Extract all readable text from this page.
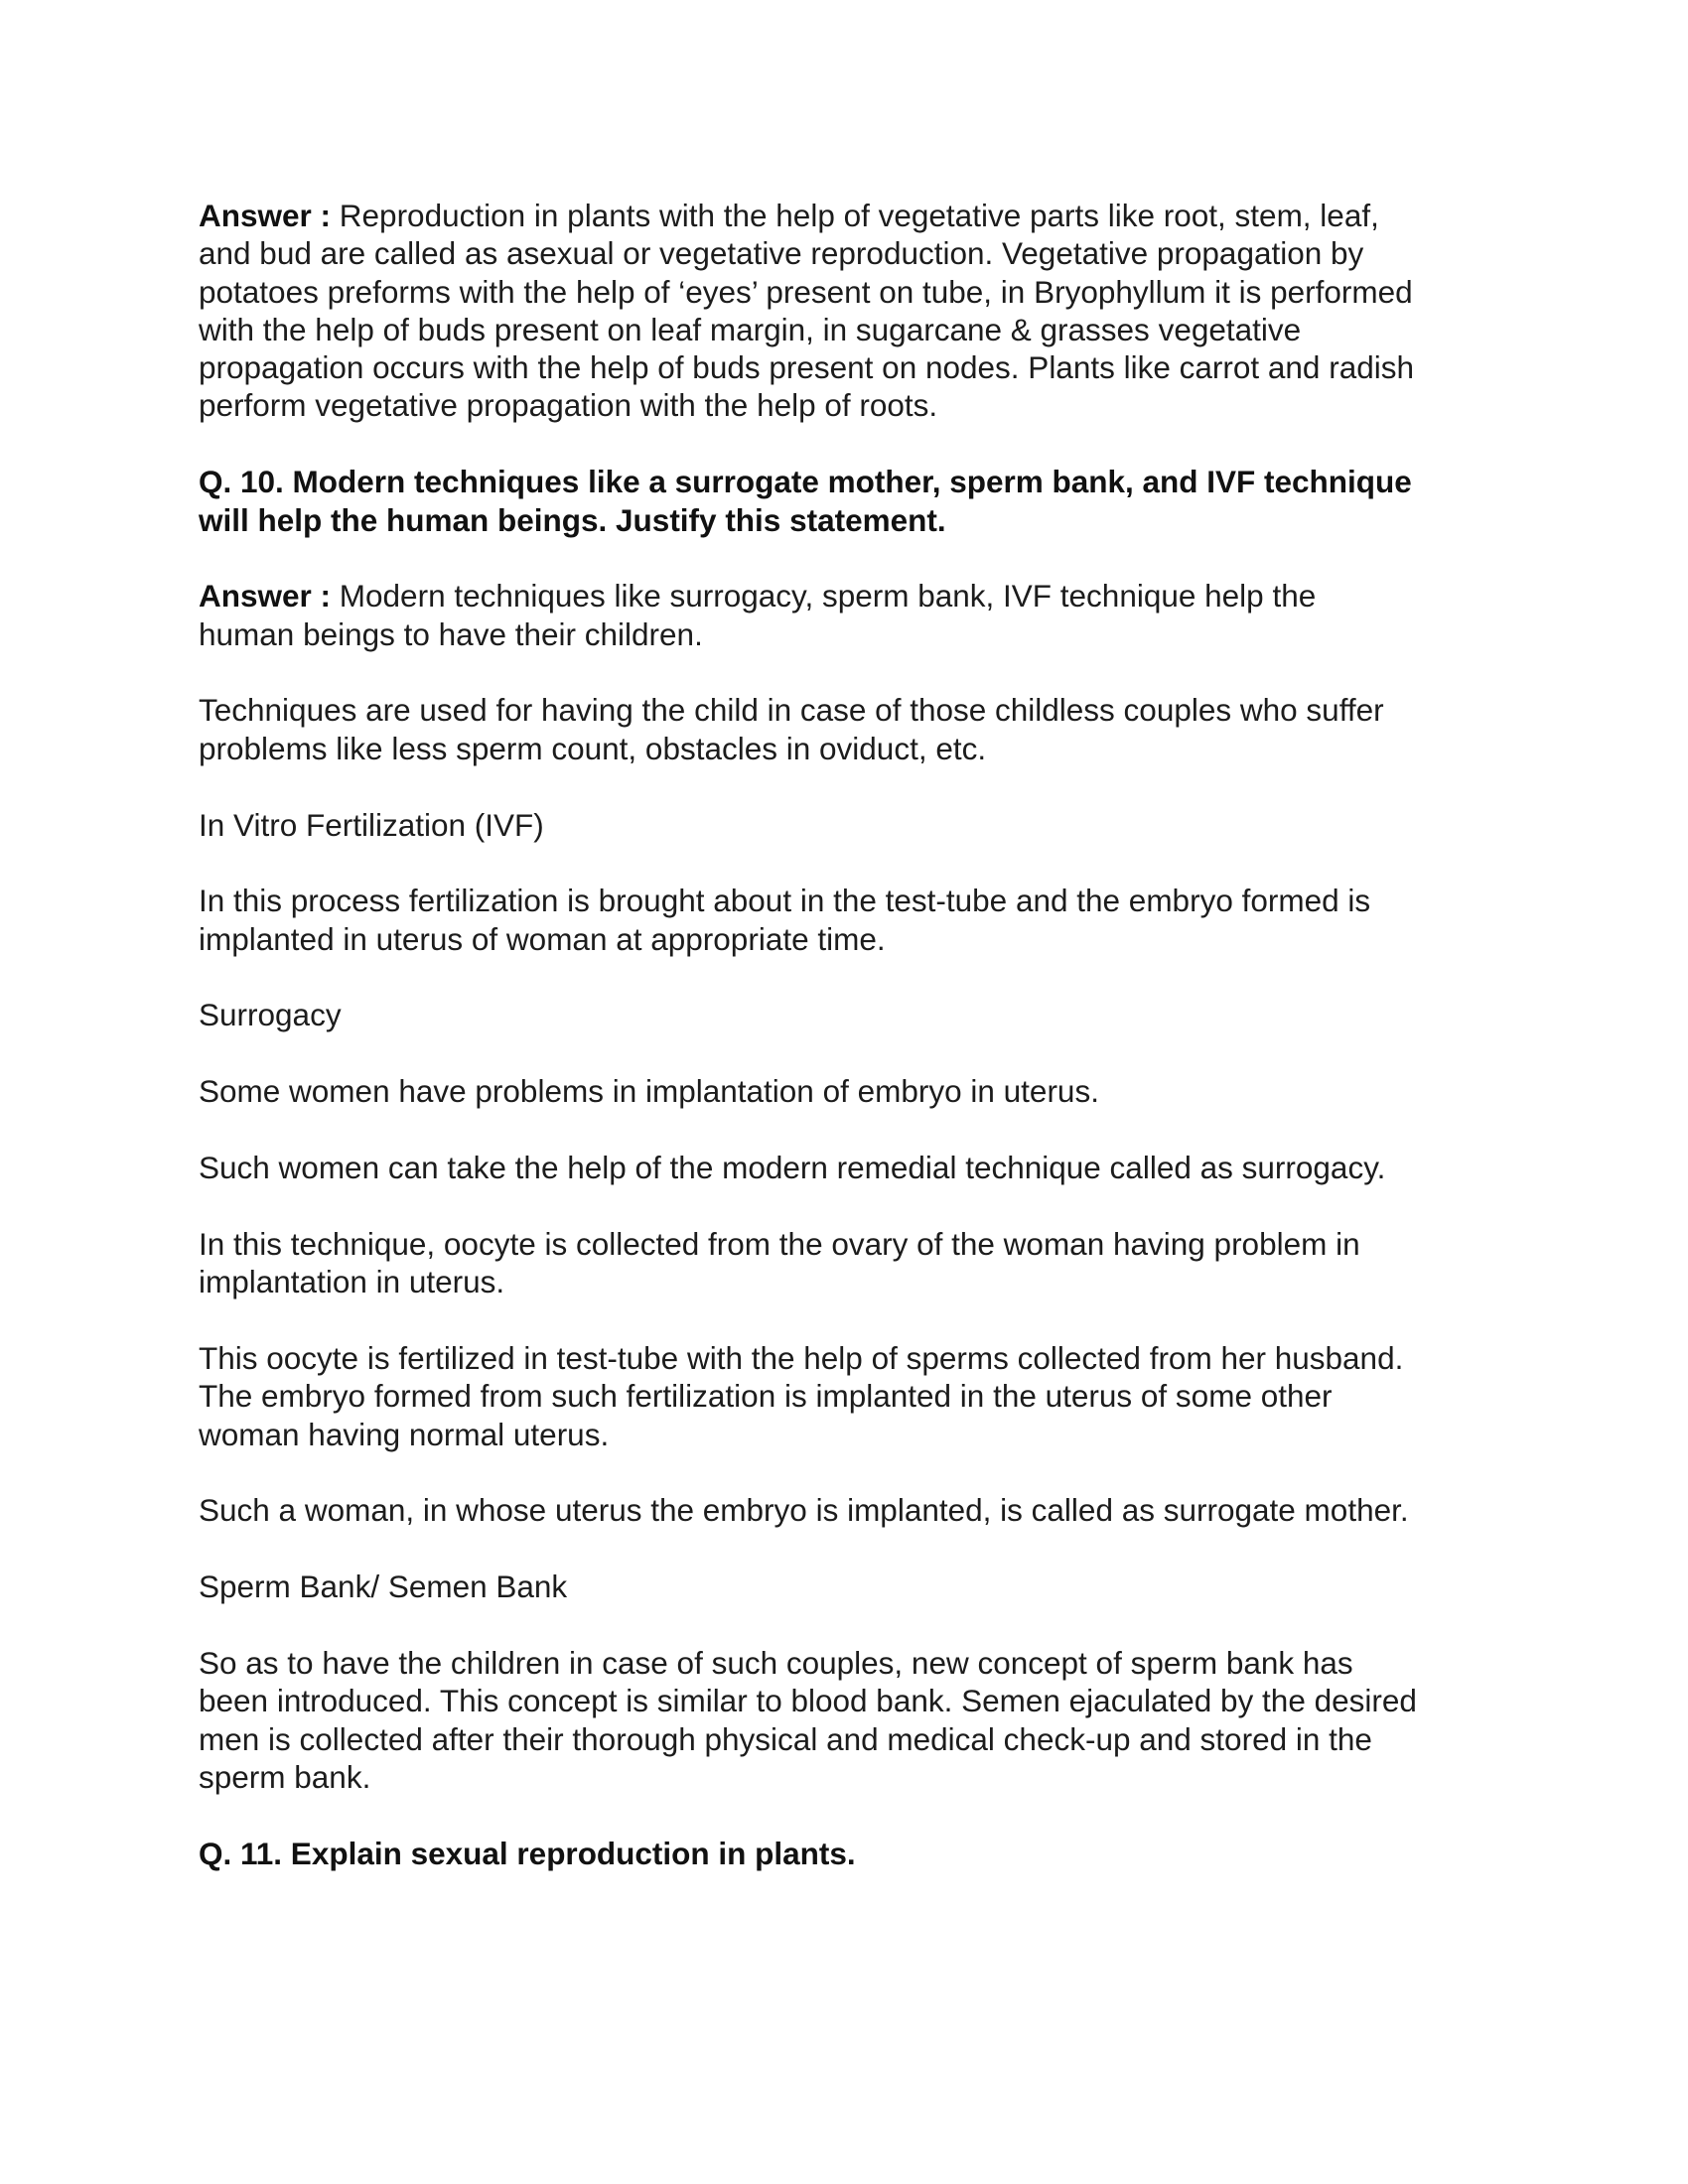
Answer : Reproduction in plants with the help of vegetative parts like root, stem, leaf,
and bud are called as asexual or vegetative reproduction. Vegetative propagation by
potatoes preforms with the help of ‘eyes’ present on tube, in Bryophyllum it is performed
with the help of buds present on leaf margin, in sugarcane & grasses vegetative
propagation occurs with the help of buds present on nodes. Plants like carrot and radish
perform vegetative propagation with the help of roots.

Q. 10. Modern techniques like a surrogate mother, sperm bank, and IVF technique
will help the human beings. Justify this statement.

Answer : Modern techniques like surrogacy, sperm bank, IVF technique help the
human beings to have their children.

Techniques are used for having the child in case of those childless couples who suffer
problems like less sperm count, obstacles in oviduct, etc.

In Vitro Fertilization (IVF)

In this process fertilization is brought about in the test-tube and the embryo formed is
implanted in uterus of woman at appropriate time.

Surrogacy

Some women have problems in implantation of embryo in uterus.

Such women can take the help of the modern remedial technique called as surrogacy.

In this technique, oocyte is collected from the ovary of the woman having problem in
implantation in uterus.

This oocyte is fertilized in test-tube with the help of sperms collected from her husband.
The embryo formed from such fertilization is implanted in the uterus of some other
woman having normal uterus.

Such a woman, in whose uterus the embryo is implanted, is called as surrogate mother.

Sperm Bank/ Semen Bank

So as to have the children in case of such couples, new concept of sperm bank has
been introduced. This concept is similar to blood bank. Semen ejaculated by the desired
men is collected after their thorough physical and medical check-up and stored in the
sperm bank.

Q. 11. Explain sexual reproduction in plants.
